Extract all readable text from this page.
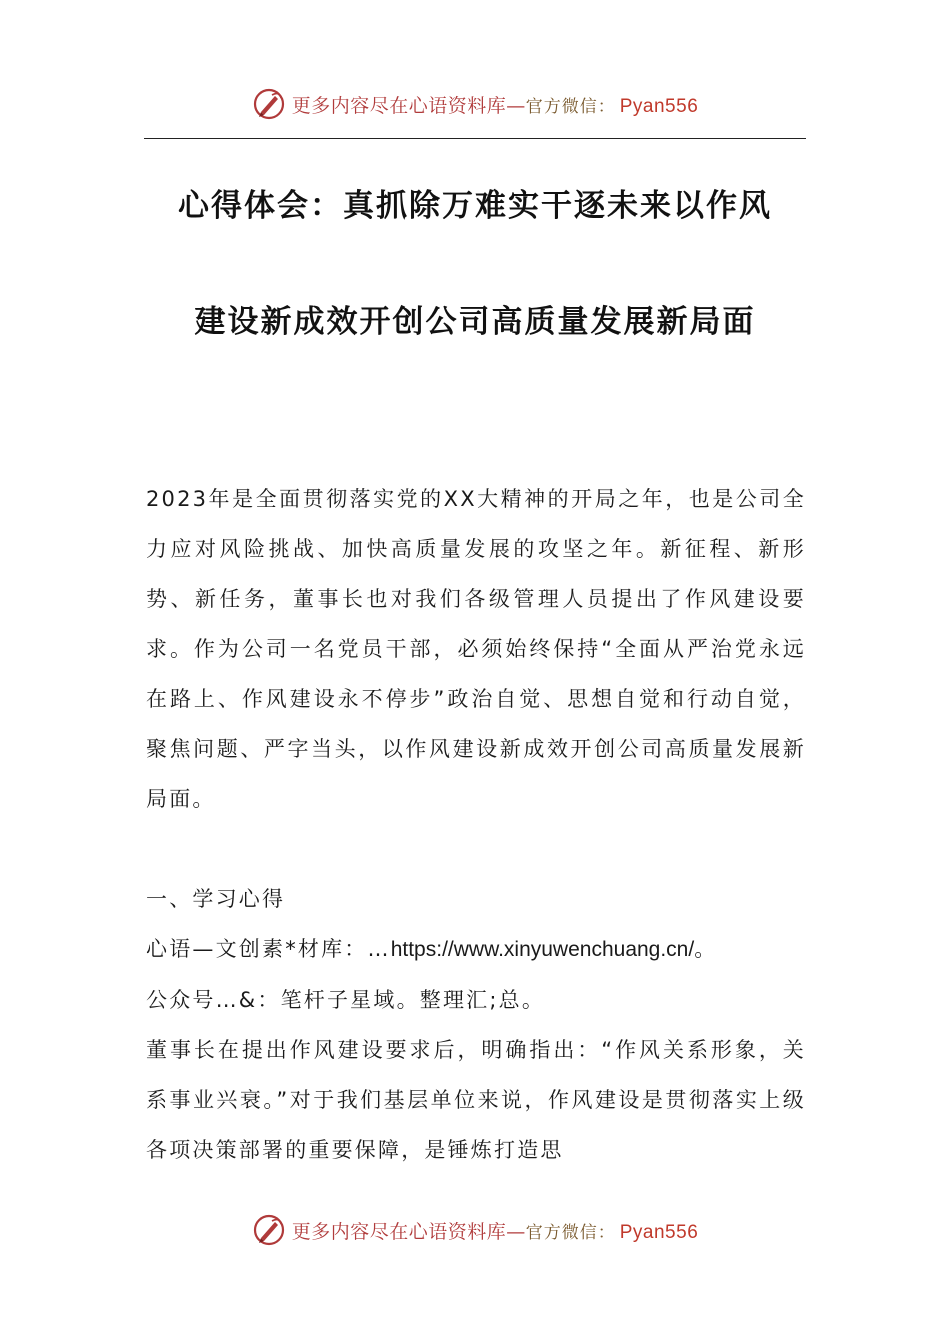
更多内容尽在心语资料库—官方微信： Pyan556
心得体会：真抓除万难实干逐未来以作风
建设新成效开创公司高质量发展新局面

2023年是全面贯彻落实党的XX大精神的开局之年，也是公司全力应对风险挑战、加快高质量发展的攻坚之年。新征程、新形势、新任务，董事长也对我们各级管理人员提出了作风建设要求。作为公司一名党员干部，必须始终保持“全面从严治党永远在路上、作风建设永不停步”政治自觉、思想自觉和行动自觉，聚焦问题、严字当头，以作风建设新成效开创公司高质量发展新局面。

一、学习心得

心语—文创素*材库：…https://www.xinyuwenchuang.cn/。

公众号…&：笔杆子星域。整理汇;总。

董事长在提出作风建设要求后，明确指出：“作风关系形象，关系事业兴衰。”对于我们基层单位来说，作风建设是贯彻落实上级各项决策部署的重要保障，是锤炼打造思

更多内容尽在心语资料库—官方微信： Pyan556
